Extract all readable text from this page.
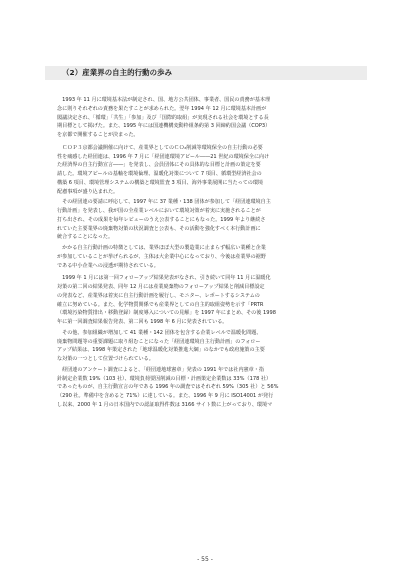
（2）産業界の自主的行動の歩み
　1993 年 11 月に環境基本法が制定され、国、地方公共団体、事業者、国民の責務が基本理
念に則りそれぞれの責務を果たすことが求められた。翌年 1994 年 12 月に環境基本計画が
閣議決定され、「循環」「共生」「参加」及び「国際的取組」が実現される社会を環境とする長
期目標として掲げた。また、1995 年には国連機構変動枠組条約第 3 回締約国会議（COP3）
を京都で開催することが決まった。
　ＣＯＰ３京都会議開催に向けて、産業界としてのＣＯ₂削減等環境保全の自主行動の必要
性を痛感した経団連は、1996 年 7 月に「経団連環境アピール――21 世紀の環境保全に向け
た経済界の自主行動宣言――」を発表し、会員団体にその具体的な目標と計画の策定を要
請した。環境アピールの基軸を環境倫理、温暖化対策について 7 項目、循環型経済社会の
構築 6 項目、環境管理システムの構築と環境監査 3 項目、海外事業展開に当たっての環境
配慮事項が盛り込まれた。
　その経団連の要請に呼応して、1997 年に 37 業種・138 団体が参加して「経団連環境自主
行動計画」を発表し、我が国の全産業レベルにおいて環境対策が着実に実施されることが
打ち出され、その成果を毎年レビューのうえ公表することにもなった。1999 年より継続さ
れていた主要業界の廃棄物対策の状況調査と公表も、その活動を強化すべく本行動計画に
統合することになった。
　かかる自主行動計画の特徴としては、業界ほぼ大型の製造業に止まらず幅広い業種と企業
が参加していることが挙げられるが、主体は大企業中心になっており、今後は産業界の裾野
である中小企業への浸透が期待されている。
　1999 年 1 月には第一回フォローアップ結果発表がなされ、引き続いて同年 11 月に温暖化
対策の第二回の結果発表、同年 12 月には産業廃棄物のフォローアップ結果と削減目標設定
の発表など、産業界は着実に自主行動計画を履行し、モニター、レポートするシステムの
確立に努めている。また、化学物質関係でも産業界としての自主的取組姿勢を示す「PRTR
（環境汚染物質排出・移動登録）制度導入についての見解」を 1997 年にまとめ、その後 1998
年に第一回調査結果報告発表、第二回も 1998 年 6 月に発表されている。
　その他、参加組織が増加して 41 業種・142 団体を包含する企業レベルで温暖化問題、
廃棄物問題等の重要課題に取り組むことになった「経団連環境自主行動計画」のフォロー
アップ結果は、1998 年策定された「地球温暖化対策推進大綱」のなかでも政府施策の主要
な対策の一つとして位置づけられている。
　経団連のアンケート調査によると、「経団連地球憲章」発表の 1991 年では社内憲章・指
針制定企業数 19%（103 社）、環境負荷要因削減の目標・計画策定企業数は 33%（178 社）
であったものが、自主行動宣言の年である 1996 年の調査ではそれぞれ 59%（305 社）と 56%
（290 社。準備中を含めると 71%）に達している。また、1996 年 9 月に ISO14001 が発行
し以来、2000 年 1 月の日本国内での認証取得件数は 3166 サイト数に上がっており、環境マ
- 55 -
